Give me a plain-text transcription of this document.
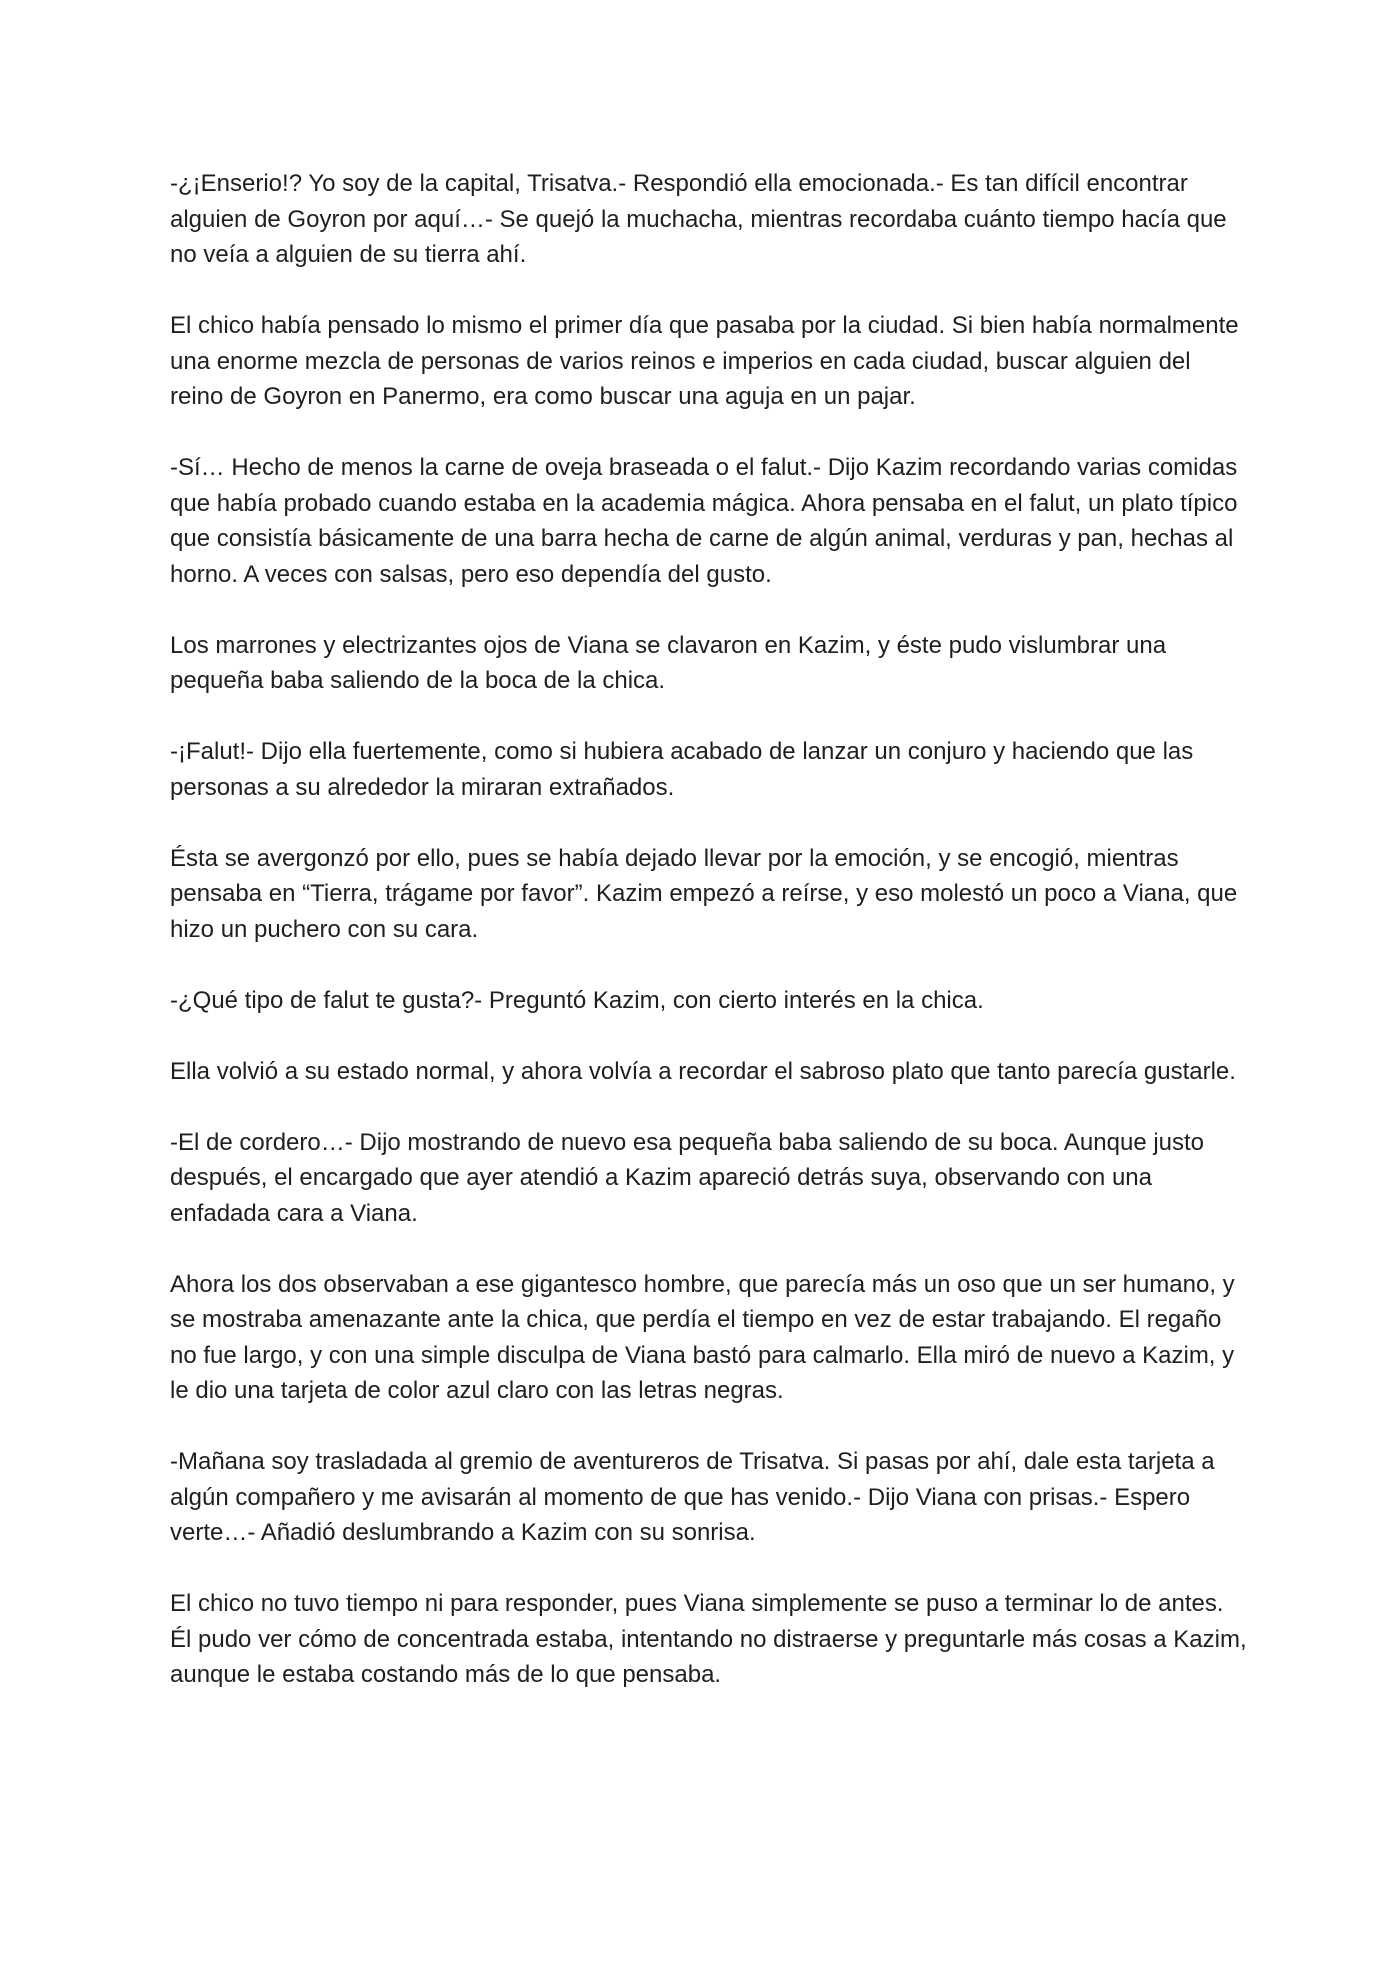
-¿¡Enserio!? Yo soy de la capital, Trisatva.- Respondió ella emocionada.- Es tan difícil encontrar alguien de Goyron por aquí…- Se quejó la muchacha, mientras recordaba cuánto tiempo hacía que no veía a alguien de su tierra ahí.

El chico había pensado lo mismo el primer día que pasaba por la ciudad. Si bien había normalmente una enorme mezcla de personas de varios reinos e imperios en cada ciudad, buscar alguien del reino de Goyron en Panermo, era como buscar una aguja en un pajar.

-Sí… Hecho de menos la carne de oveja braseada o el falut.- Dijo Kazim recordando varias comidas que había probado cuando estaba en la academia mágica. Ahora pensaba en el falut, un plato típico que consistía básicamente de una barra hecha de carne de algún animal, verduras y pan, hechas al horno. A veces con salsas, pero eso dependía del gusto.

Los marrones y electrizantes ojos de Viana se clavaron en Kazim, y éste pudo vislumbrar una pequeña baba saliendo de la boca de la chica.

-¡Falut!- Dijo ella fuertemente, como si hubiera acabado de lanzar un conjuro y haciendo que las personas a su alrededor la miraran extrañados.

Ésta se avergonzó por ello, pues se había dejado llevar por la emoción, y se encogió, mientras pensaba en “Tierra, trágame por favor”. Kazim empezó a reírse, y eso molestó un poco a Viana, que hizo un puchero con su cara.

-¿Qué tipo de falut te gusta?- Preguntó Kazim, con cierto interés en la chica.

Ella volvió a su estado normal, y ahora volvía a recordar el sabroso plato que tanto parecía gustarle.

-El de cordero…- Dijo mostrando de nuevo esa pequeña baba saliendo de su boca. Aunque justo después, el encargado que ayer atendió a Kazim apareció detrás suya, observando con una enfadada cara a Viana.

Ahora los dos observaban a ese gigantesco hombre, que parecía más un oso que un ser humano, y se mostraba amenazante ante la chica, que perdía el tiempo en vez de estar trabajando. El regaño no fue largo, y con una simple disculpa de Viana bastó para calmarlo. Ella miró de nuevo a Kazim, y le dio una tarjeta de color azul claro con las letras negras.

-Mañana soy trasladada al gremio de aventureros de Trisatva. Si pasas por ahí, dale esta tarjeta a algún compañero y me avisarán al momento de que has venido.- Dijo Viana con prisas.- Espero verte…- Añadió deslumbrando a Kazim con su sonrisa.

El chico no tuvo tiempo ni para responder, pues Viana simplemente se puso a terminar lo de antes. Él pudo ver cómo de concentrada estaba, intentando no distraerse y preguntarle más cosas a Kazim, aunque le estaba costando más de lo que pensaba.
